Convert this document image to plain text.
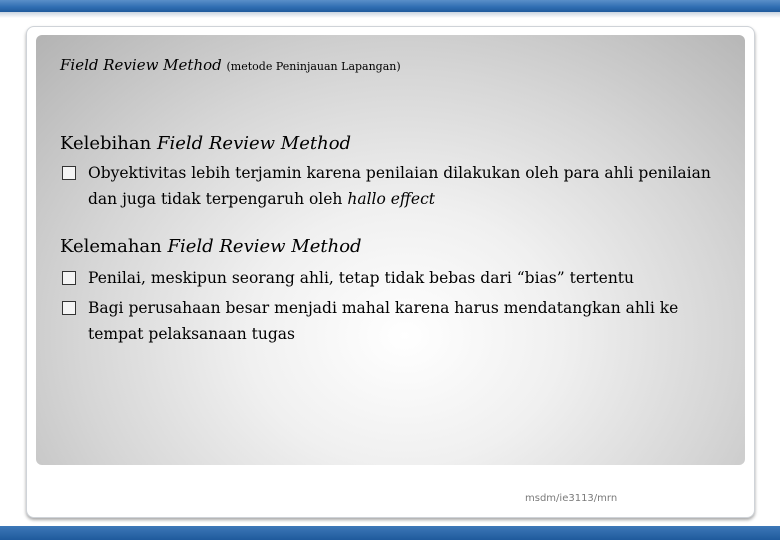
Field Review Method (metode Peninjauan Lapangan)
Kelebihan Field Review Method
Obyektivitas lebih terjamin karena penilaian dilakukan oleh para ahli penilaian dan juga tidak terpengaruh oleh hallo effect
Kelemahan Field Review Method
Penilai, meskipun seorang ahli, tetap tidak bebas dari “bias” tertentu
Bagi perusahaan besar menjadi mahal karena harus mendatangkan ahli ke tempat pelaksanaan tugas
msdm/ie3113/mrn
